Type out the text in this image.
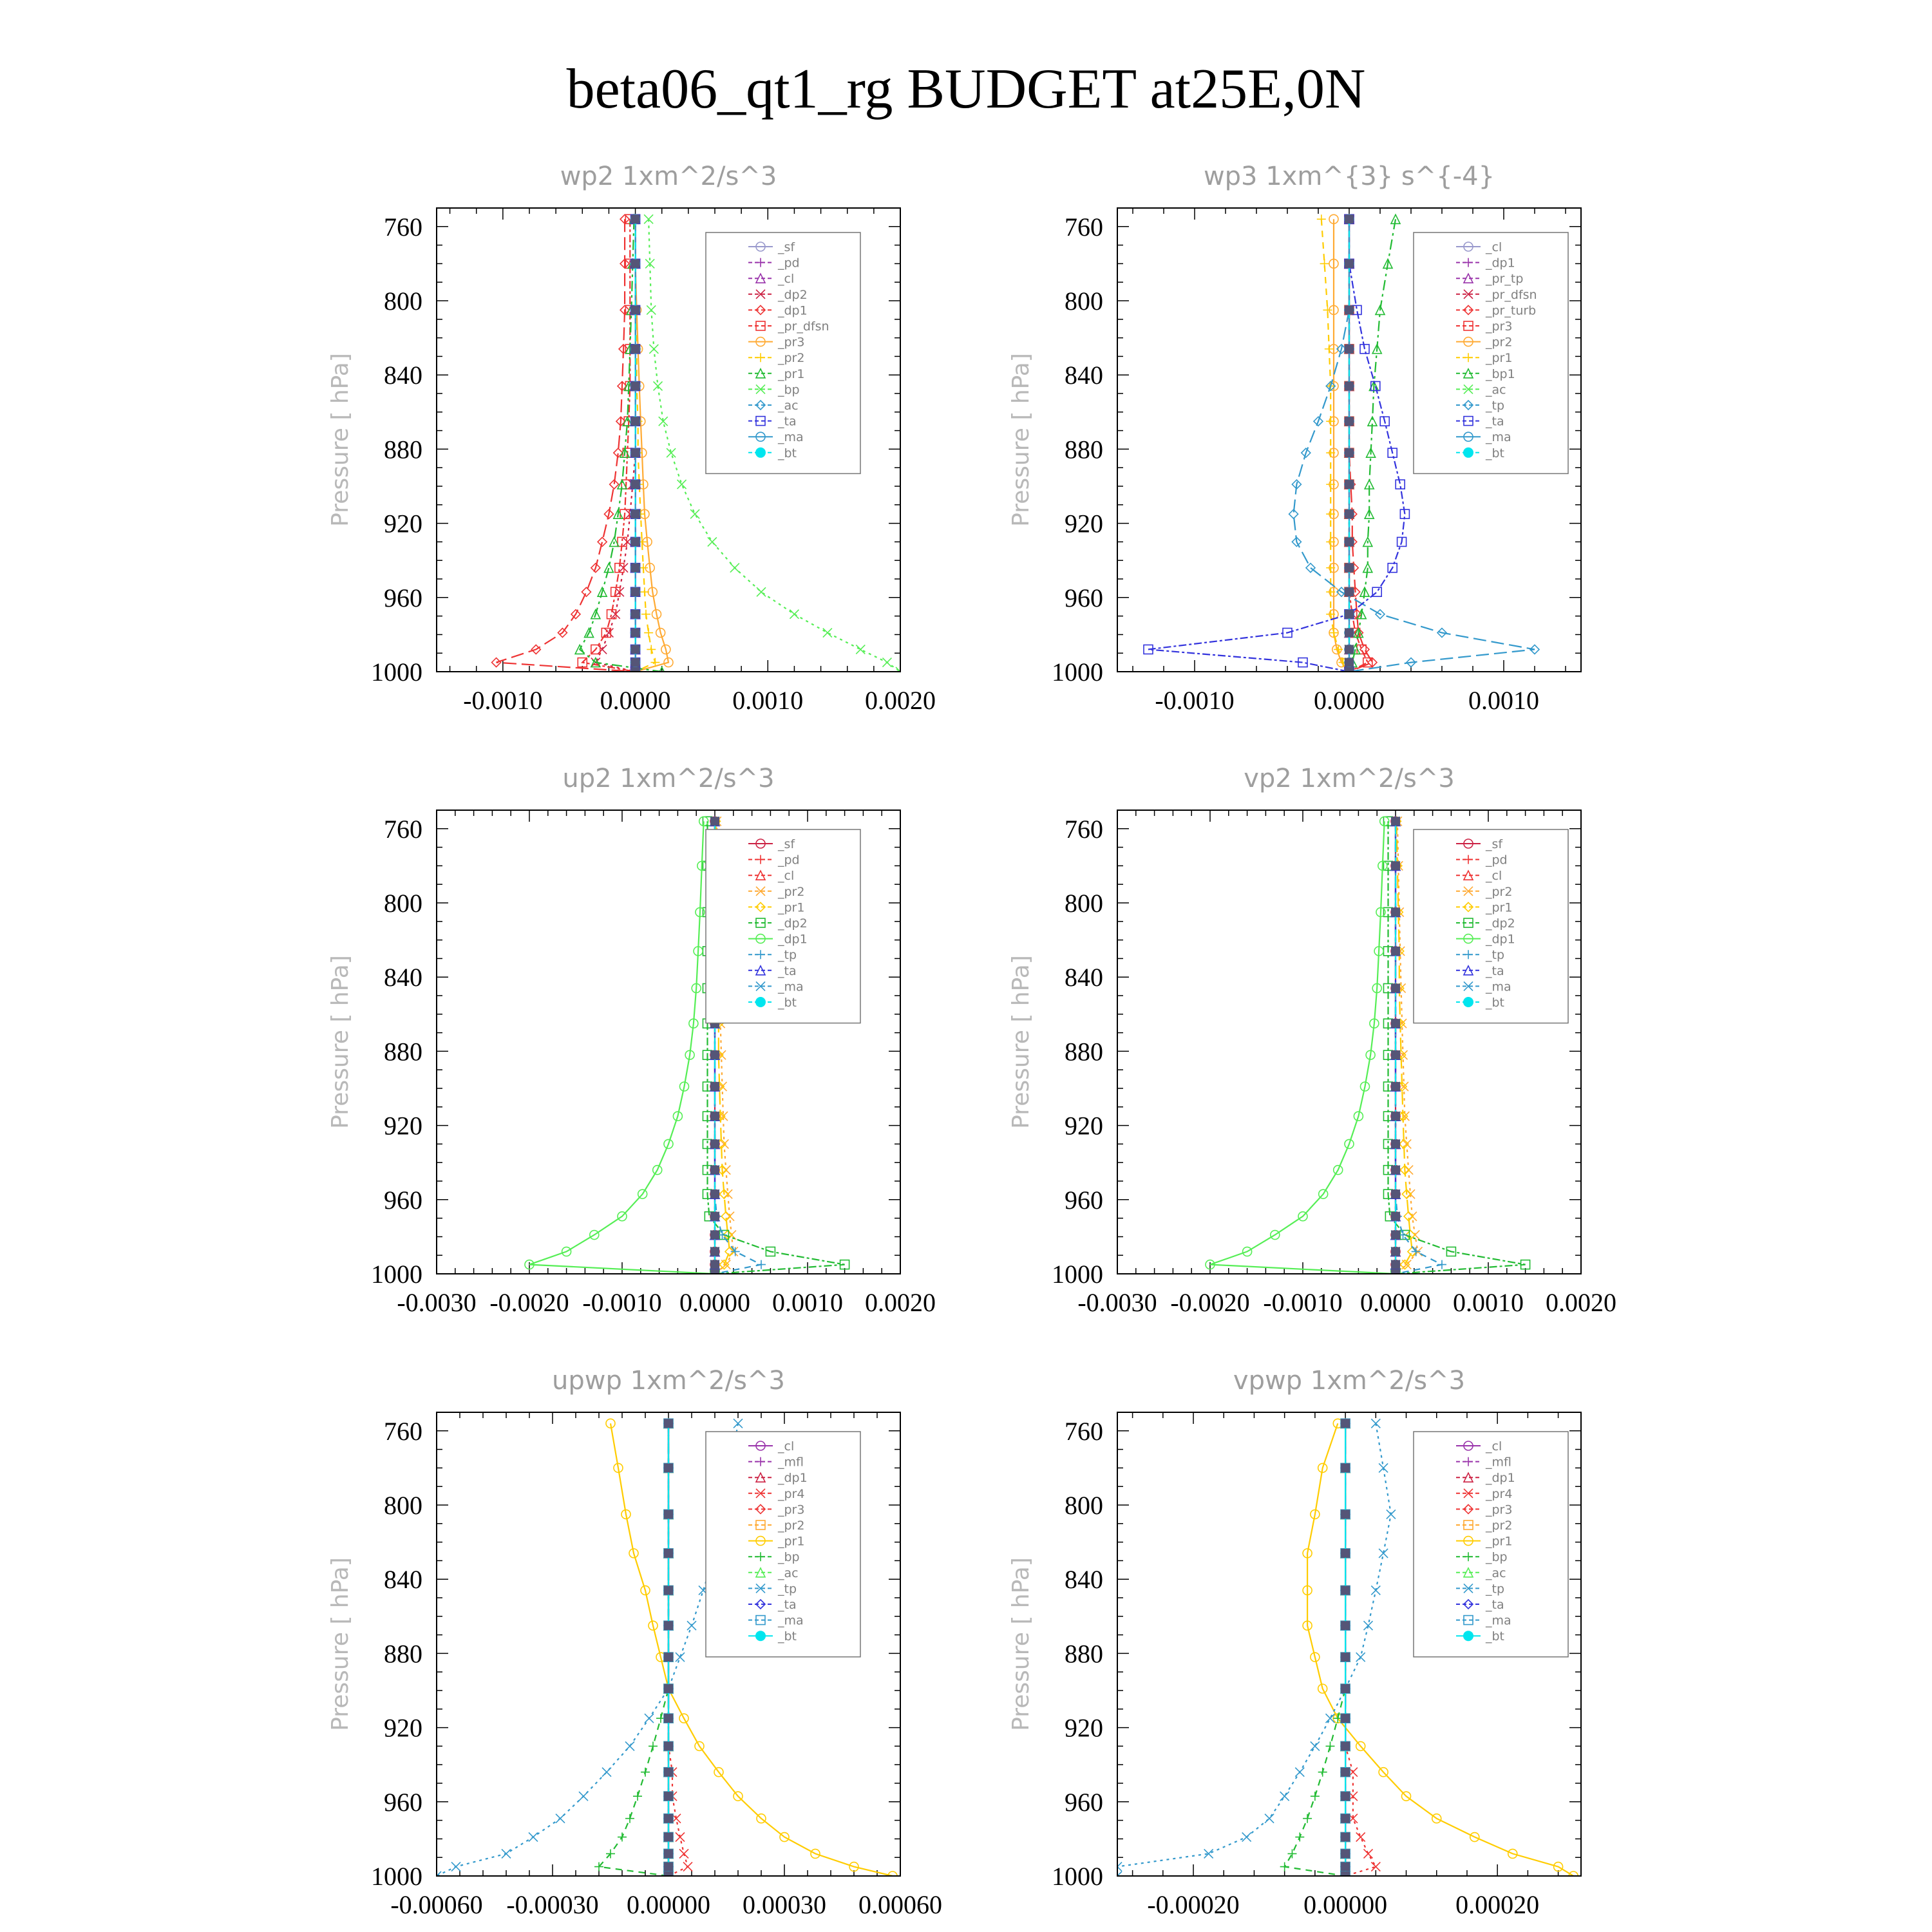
beta06_qt1_rg BUDGET at25E,0N
wp2 1xm^2/s^3
Pressure [ hPa]
760
800
840
880
920
960
1000
-0.0010 0.0000 0.0010 0.0020
_sf
_pd
_cl
_dp2
_dp1
_pr_dfsn
_pr3
_pr2
_pr1
_bp
_ac
_ta
_ma
_bt
wp3 1xm^{3} s^{-4}
Pressure [ hPa]
760
800
840
880
920
960
1000
-0.0010	0.0000	0.0010
_cl
_dp1
_pr_tp
_pr_dfsn
_pr_turb
_pr3
_pr2
_pr1
_bp1
_ac
_tp
_ta
_ma
_bt
up2 1xm^2/s^3
Pressure [ hPa]
760
800
840
880
920
960
1000
-0.0030 -0.0020 -0.0010 0.0000 0.0010 0.0020
_sf
_pd
_cl
_pr2
_pr1
_dp2
_dp1
_tp
_ta
_ma
_bt
vp2 1xm^2/s^3
Pressure [ hPa]
760
800
840
880
920
960
1000
-0.0030 -0.0020 -0.0010 0.0000 0.0010 0.0020
_sf
_pd
_cl
_pr2
_pr1
_dp2
_dp1
_tp
_ta
_ma
_bt
upwp 1xm^2/s^3
Pressure [ hPa]
760
800
840
880
920
960
1000
-0.00060 -0.00030 0.00000 0.00030 0.00060
_cl
_mfl
_dp1
_pr4
_pr3
_pr2
_pr1
_bp
_ac
_tp
_ta
_ma
_bt
vpwp 1xm^2/s^3
Pressure [ hPa]
760
800
840
880
920
960
1000
-0.00020 0.00000	0.00020
_cl
_mfl
_dp1
_pr4
_pr3
_pr2
_pr1
_bp
_ac
_tp
_ta
_ma
_bt
